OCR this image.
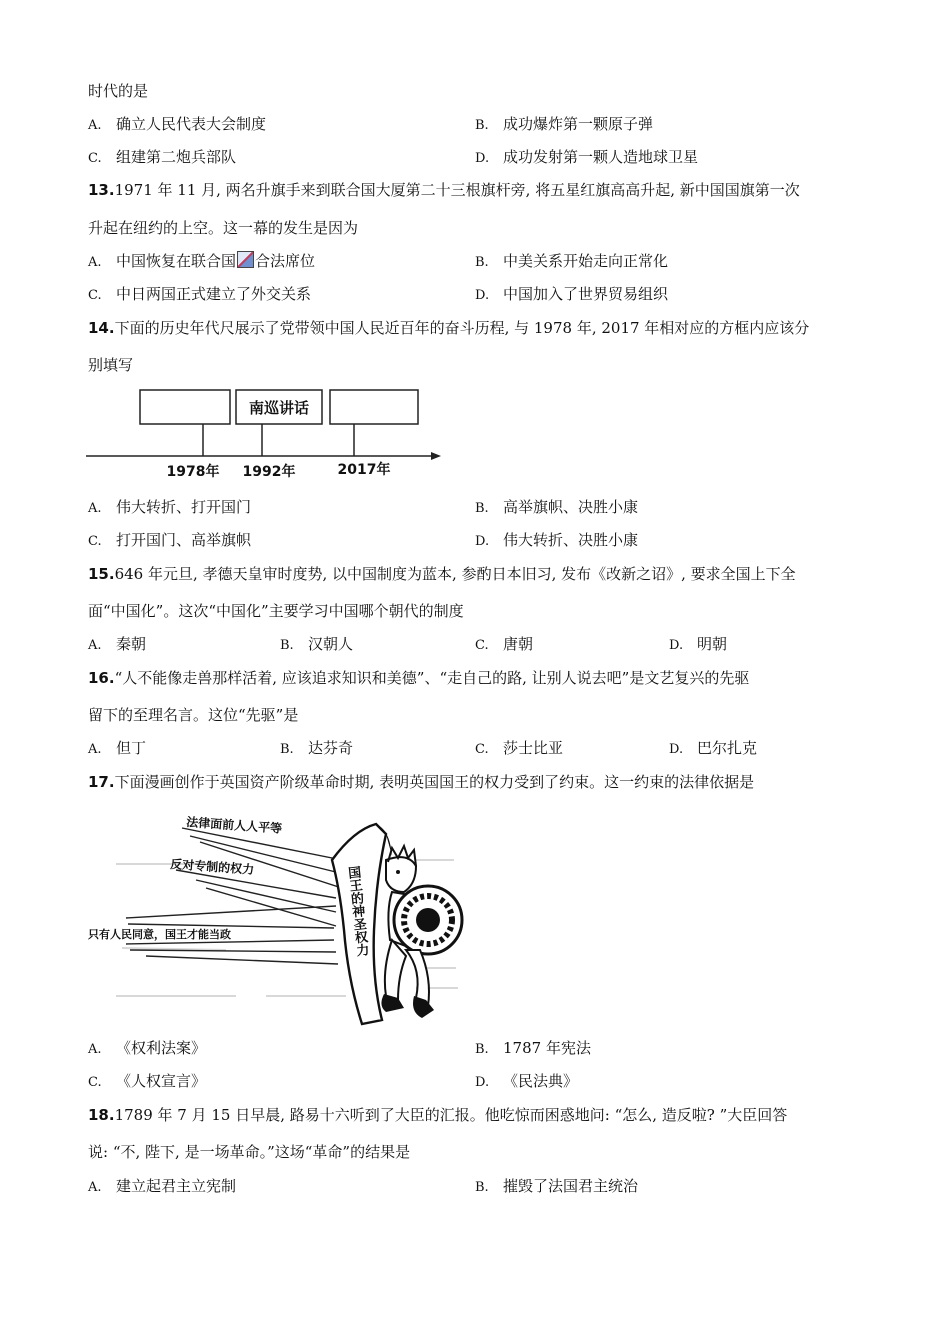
时代的是
A. 确立人民代表大会制度	B. 成功爆炸第一颗原子弹
C. 组建第二炮兵部队	D. 成功发射第一颗人造地球卫星
13.1971 年 11 月, 两名升旗手来到联合国大厦第二十三根旗杆旁, 将五星红旗高高升起, 新中国国旗第一次
升起在纽约的上空。这一幕的发生是因为
A. 中国恢复在联合国 合法席位	B. 中美关系开始走向正常化
C. 中日两国正式建立了外交关系	D. 中国加入了世界贸易组织
14.下面的历史年代尺展示了党带领中国人民近百年的奋斗历程, 与 1978 年, 2017 年相对应的方框内应该分
别填写
南巡讲话
1978年 1992年	2017年
A. 伟大转折、打开国门	B. 高举旗帜、决胜小康
C. 打开国门、高举旗帜	D. 伟大转折、决胜小康
15.646 年元旦, 孝德天皇审时度势, 以中国制度为蓝本, 参酌日本旧习, 发布《改新之诏》, 要求全国上下全
面“中国化”。这次“中国化”主要学习中国哪个朝代的制度
A. 秦朝	B. 汉朝人	C. 唐朝	D. 明朝
16.“人不能像走兽那样活着, 应该追求知识和美德”、“走自己的路, 让别人说去吧”是文艺复兴的先驱
留下的至理名言。这位“先驱”是
A. 但丁	B. 达芬奇	C. 莎士比亚	D. 巴尔扎克
17.下面漫画创作于英国资产阶级革命时期, 表明英国国王的权力受到了约束。这一约束的法律依据是
法律面前人人平等
反对专制的权力
只有人民同意，国王才能当政	国王的神圣权力
A. 《权利法案》	B. 1787 年宪法
C. 《人权宣言》	D. 《民法典》
18.1789 年 7 月 15 日早晨, 路易十六听到了大臣的汇报。他吃惊而困惑地问: “怎么, 造反啦? ”大臣回答
说: “不, 陛下, 是一场革命。”这场“革命”的结果是
A. 建立起君主立宪制	B. 摧毁了法国君主统治
